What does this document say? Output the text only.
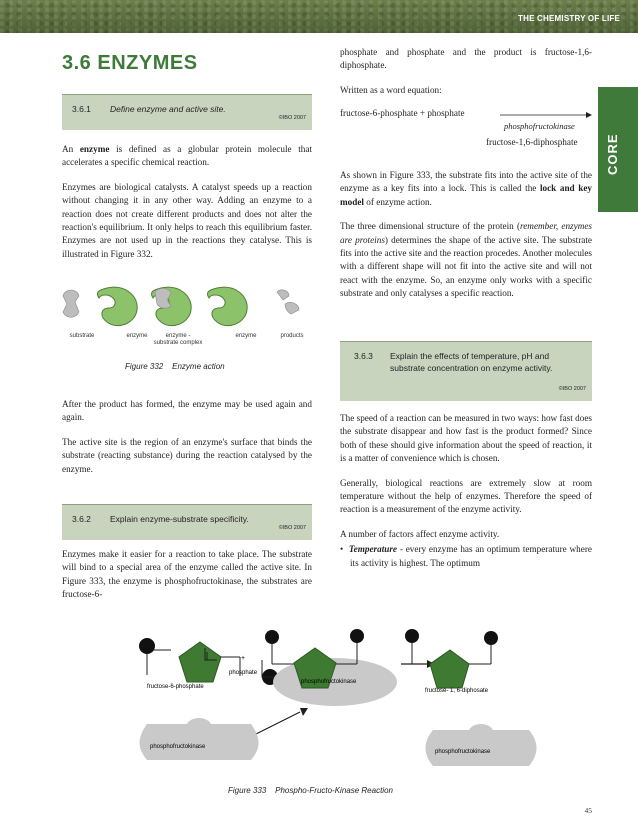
THE CHEMISTRY OF LIFE
CORE
3.6 ENZYMES
3.6.1 Define enzyme and active site.
©IBO 2007

An enzyme is defined as a globular protein molecule that accelerates a specific chemical reaction.

Enzymes are biological catalysts. A catalyst speeds up a reaction without changing it in any other way. Adding an enzyme to a reaction does not create different products and does not alter the reaction's equilibrium. It only helps to reach this equilibrium faster. Enzymes are not used up in the reactions they catalyse. This is illustrated in Figure 332.

substrate	enzyme	enzyme - substrate complex
enzyme	products
Figure 332 Enzyme action

After the product has formed, the enzyme may be used again and again.

The active site is the region of an enzyme's surface that binds the substrate (reacting substance) during the reaction catalysed by the enzyme.

3.6.2 Explain enzyme-substrate specificity.
©IBO 2007

Enzymes make it easier for a reaction to take place. The substrate will bind to a special area of the enzyme called the active site. In Figure 333, the enzyme is phosphofructokinase, the substrates are fructose-6-

phosphate and phosphate and the product is fructose-1,6-diphosphate.

Written as a word equation:

fructose-6-phosphate + phosphate
phosphofructokinase
fructose-1,6-diphosphate

As shown in Figure 333, the substrate fits into the active site of the enzyme as a key fits into a lock. This is called the lock and key model of enzyme action.

The three dimensional structure of the protein (remember, enzymes are proteins) determines the shape of the active site. The substrate fits into the active site and the reaction procedes. Another molecules with a different shape will not fit into the active site and will not react with the enzyme. So, an enzyme only works with a specific substrate and only catalyses a specific reaction.

3.6.3 Explain the effects of temperature, pH and substrate concentration on enzyme activity.
©IBO 2007

The speed of a reaction can be measured in two ways: how fast does the substrate disappear and how fast is the product formed? Since both of these should give information about the speed of reaction, it is a matter of convenience which is chosen.

Generally, biological reactions are extremely slow at room temperature without the help of enzymes. Therefore the speed of reaction is a measurement of the enzyme activity.

A number of factors affect enzyme activity.

•  Temperature - every enzyme has an optimum temperature where its activity is highest. The optimum

+
phosphate
fructose-6-phosphate
phosphofructokinase
fructose- 1, 6-diphosate
phosphofructokinase
phosphofructokinase
Figure 333 Phospho-Fructo-Kinase Reaction
45
